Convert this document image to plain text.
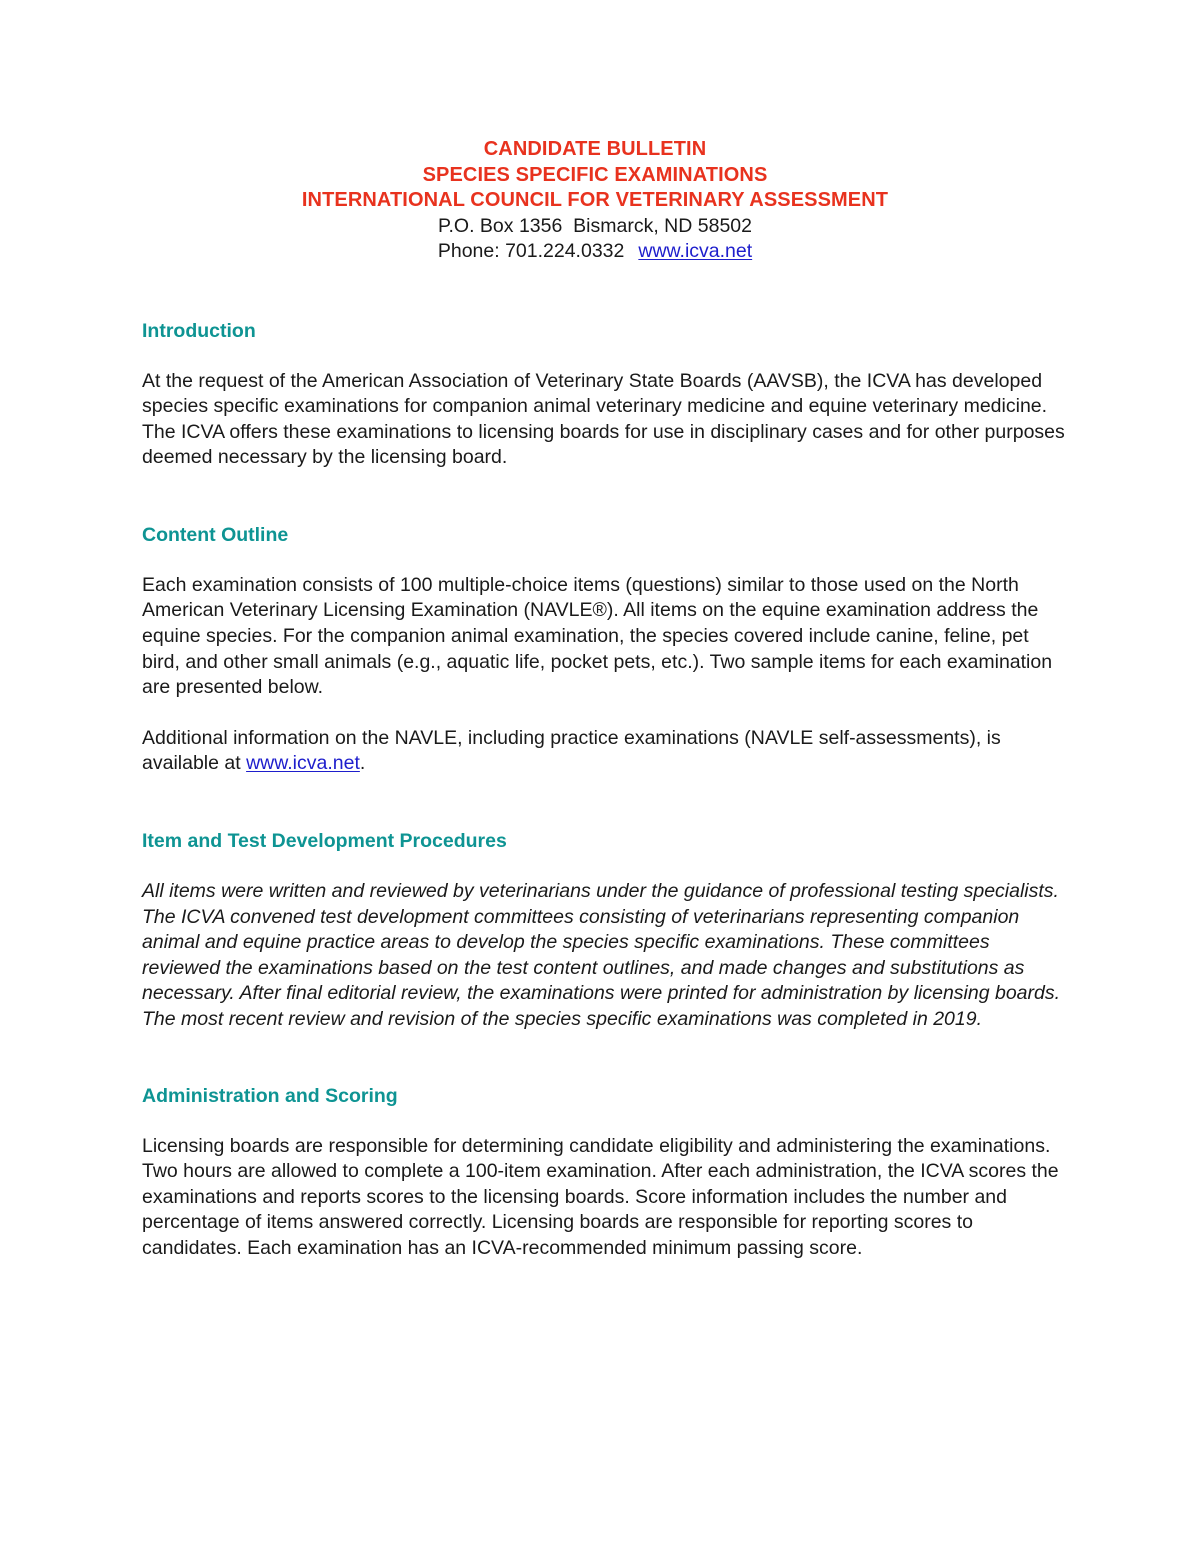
CANDIDATE BULLETIN
SPECIES SPECIFIC EXAMINATIONS
INTERNATIONAL COUNCIL FOR VETERINARY ASSESSMENT
P.O. Box 1356  Bismarck, ND 58502
Phone: 701.224.0332 www.icva.net
Introduction

At the request of the American Association of Veterinary State Boards (AAVSB), the ICVA has developed species specific examinations for companion animal veterinary medicine and equine veterinary medicine. The ICVA offers these examinations to licensing boards for use in disciplinary cases and for other purposes deemed necessary by the licensing board.

Content Outline

Each examination consists of 100 multiple-choice items (questions) similar to those used on the North American Veterinary Licensing Examination (NAVLE®). All items on the equine examination address the equine species. For the companion animal examination, the species covered include canine, feline, pet bird, and other small animals (e.g., aquatic life, pocket pets, etc.). Two sample items for each examination are presented below.

Additional information on the NAVLE, including practice examinations (NAVLE self-assessments), is available at www.icva.net.

Item and Test Development Procedures

All items were written and reviewed by veterinarians under the guidance of professional testing specialists. The ICVA convened test development committees consisting of veterinarians representing companion animal and equine practice areas to develop the species specific examinations. These committees reviewed the examinations based on the test content outlines, and made changes and substitutions as necessary. After final editorial review, the examinations were printed for administration by licensing boards. The most recent review and revision of the species specific examinations was completed in 2019.

Administration and Scoring

Licensing boards are responsible for determining candidate eligibility and administering the examinations. Two hours are allowed to complete a 100-item examination. After each administration, the ICVA scores the examinations and reports scores to the licensing boards. Score information includes the number and percentage of items answered correctly. Licensing boards are responsible for reporting scores to candidates. Each examination has an ICVA-recommended minimum passing score.
